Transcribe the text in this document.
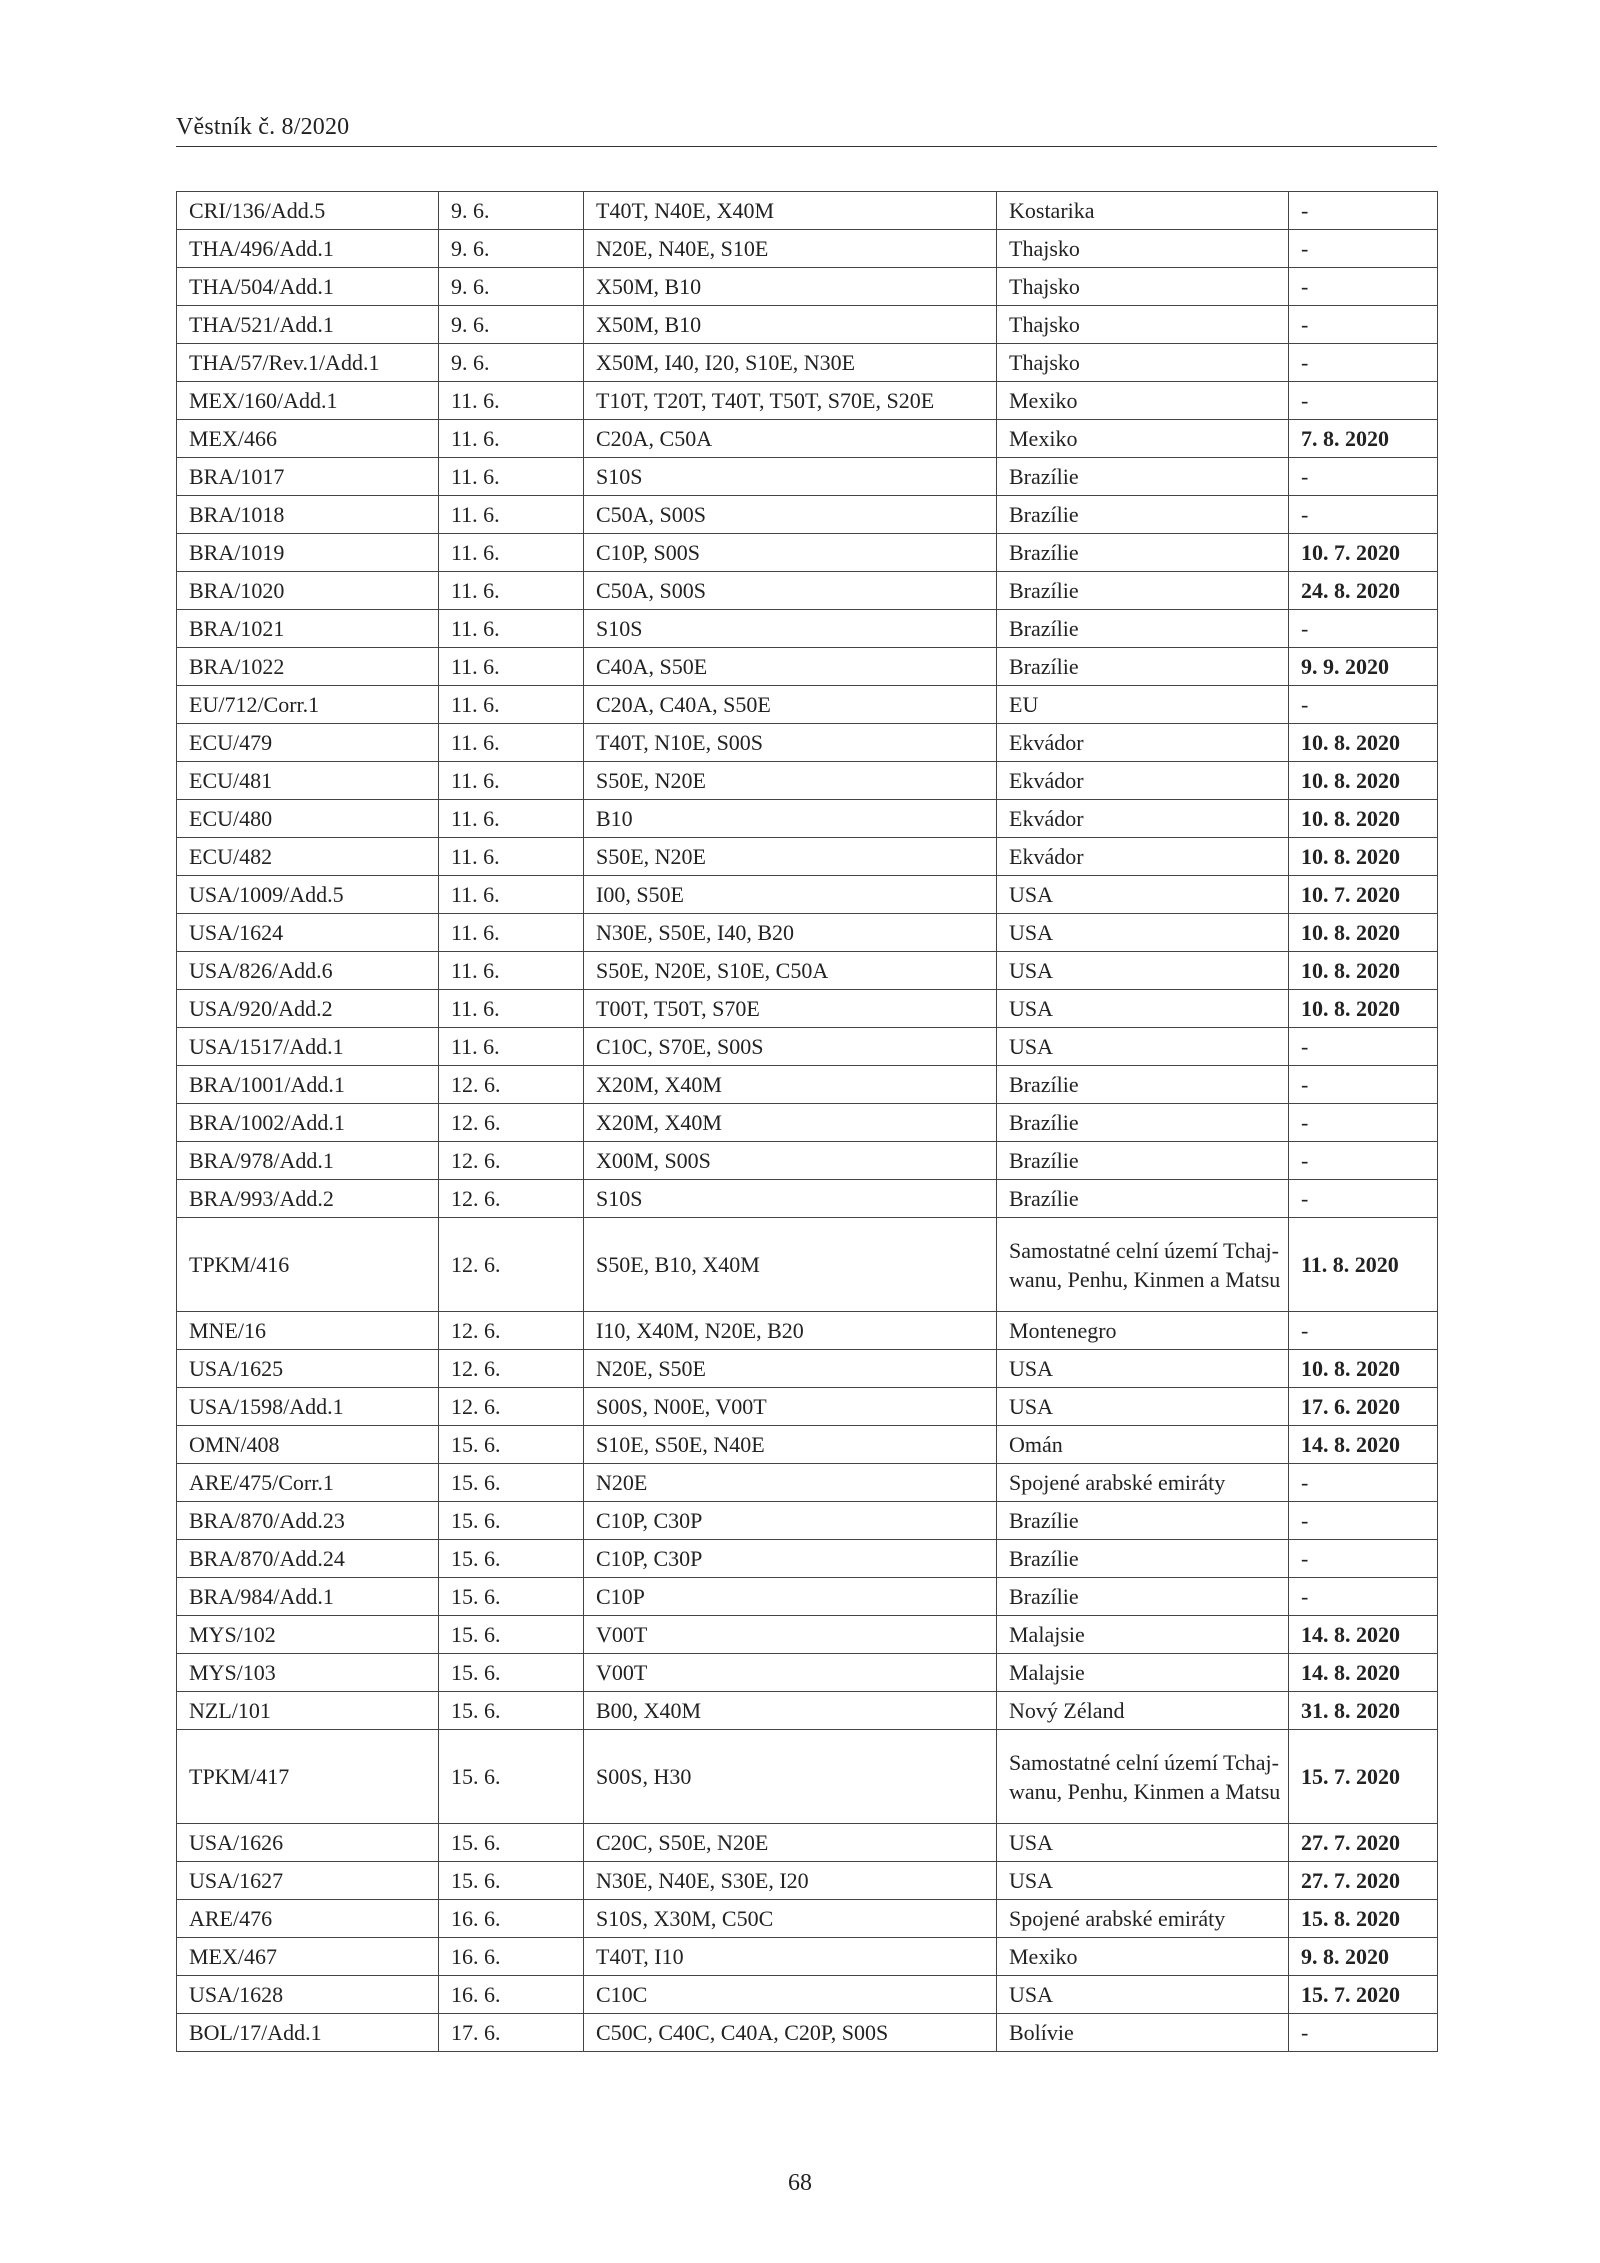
Věstník č. 8/2020
CRI/136/Add.5	9. 6.	T40T, N40E, X40M	Kostarika	-
THA/496/Add.1	9. 6.	N20E, N40E, S10E	Thajsko	-
THA/504/Add.1	9. 6.	X50M, B10	Thajsko	-
THA/521/Add.1	9. 6.	X50M, B10	Thajsko	-
THA/57/Rev.1/Add.1	9. 6.	X50M, I40, I20, S10E, N30E	Thajsko	-
MEX/160/Add.1	11. 6.	T10T, T20T, T40T, T50T, S70E, S20E	Mexiko	-
MEX/466	11. 6.	C20A, C50A	Mexiko	7. 8. 2020
BRA/1017	11. 6.	S10S	Brazílie	-
BRA/1018	11. 6.	C50A, S00S	Brazílie	-
BRA/1019	11. 6.	C10P, S00S	Brazílie	10. 7. 2020
BRA/1020	11. 6.	C50A, S00S	Brazílie	24. 8. 2020
BRA/1021	11. 6.	S10S	Brazílie	-
BRA/1022	11. 6.	C40A, S50E	Brazílie	9. 9. 2020
EU/712/Corr.1	11. 6.	C20A, C40A, S50E	EU	-
ECU/479	11. 6.	T40T, N10E, S00S	Ekvádor	10. 8. 2020
ECU/481	11. 6.	S50E, N20E	Ekvádor	10. 8. 2020
ECU/480	11. 6.	B10	Ekvádor	10. 8. 2020
ECU/482	11. 6.	S50E, N20E	Ekvádor	10. 8. 2020
USA/1009/Add.5	11. 6.	I00, S50E	USA	10. 7. 2020
USA/1624	11. 6.	N30E, S50E, I40, B20	USA	10. 8. 2020
USA/826/Add.6	11. 6.	S50E, N20E, S10E, C50A	USA	10. 8. 2020
USA/920/Add.2	11. 6.	T00T, T50T, S70E	USA	10. 8. 2020
USA/1517/Add.1	11. 6.	C10C, S70E, S00S	USA	-
BRA/1001/Add.1	12. 6.	X20M, X40M	Brazílie	-
BRA/1002/Add.1	12. 6.	X20M, X40M	Brazílie	-
BRA/978/Add.1	12. 6.	X00M, S00S	Brazílie	-
BRA/993/Add.2	12. 6.	S10S	Brazílie	-
TPKM/416	12. 6.	S50E, B10, X40M	Samostatné celní území Tchaj-wanu, Penhu, Kinmen a Matsu	11. 8. 2020
MNE/16	12. 6.	I10, X40M, N20E, B20	Montenegro	-
USA/1625	12. 6.	N20E, S50E	USA	10. 8. 2020
USA/1598/Add.1	12. 6.	S00S, N00E, V00T	USA	17. 6. 2020
OMN/408	15. 6.	S10E, S50E, N40E	Omán	14. 8. 2020
ARE/475/Corr.1	15. 6.	N20E	Spojené arabské emiráty	-
BRA/870/Add.23	15. 6.	C10P, C30P	Brazílie	-
BRA/870/Add.24	15. 6.	C10P, C30P	Brazílie	-
BRA/984/Add.1	15. 6.	C10P	Brazílie	-
MYS/102	15. 6.	V00T	Malajsie	14. 8. 2020
MYS/103	15. 6.	V00T	Malajsie	14. 8. 2020
NZL/101	15. 6.	B00, X40M	Nový Zéland	31. 8. 2020
TPKM/417	15. 6.	S00S, H30	Samostatné celní území Tchaj-wanu, Penhu, Kinmen a Matsu	15. 7. 2020
USA/1626	15. 6.	C20C, S50E, N20E	USA	27. 7. 2020
USA/1627	15. 6.	N30E, N40E, S30E, I20	USA	27. 7. 2020
ARE/476	16. 6.	S10S, X30M, C50C	Spojené arabské emiráty	15. 8. 2020
MEX/467	16. 6.	T40T, I10	Mexiko	9. 8. 2020
USA/1628	16. 6.	C10C	USA	15. 7. 2020
BOL/17/Add.1	17. 6.	C50C, C40C, C40A, C20P, S00S	Bolívie	-
68
